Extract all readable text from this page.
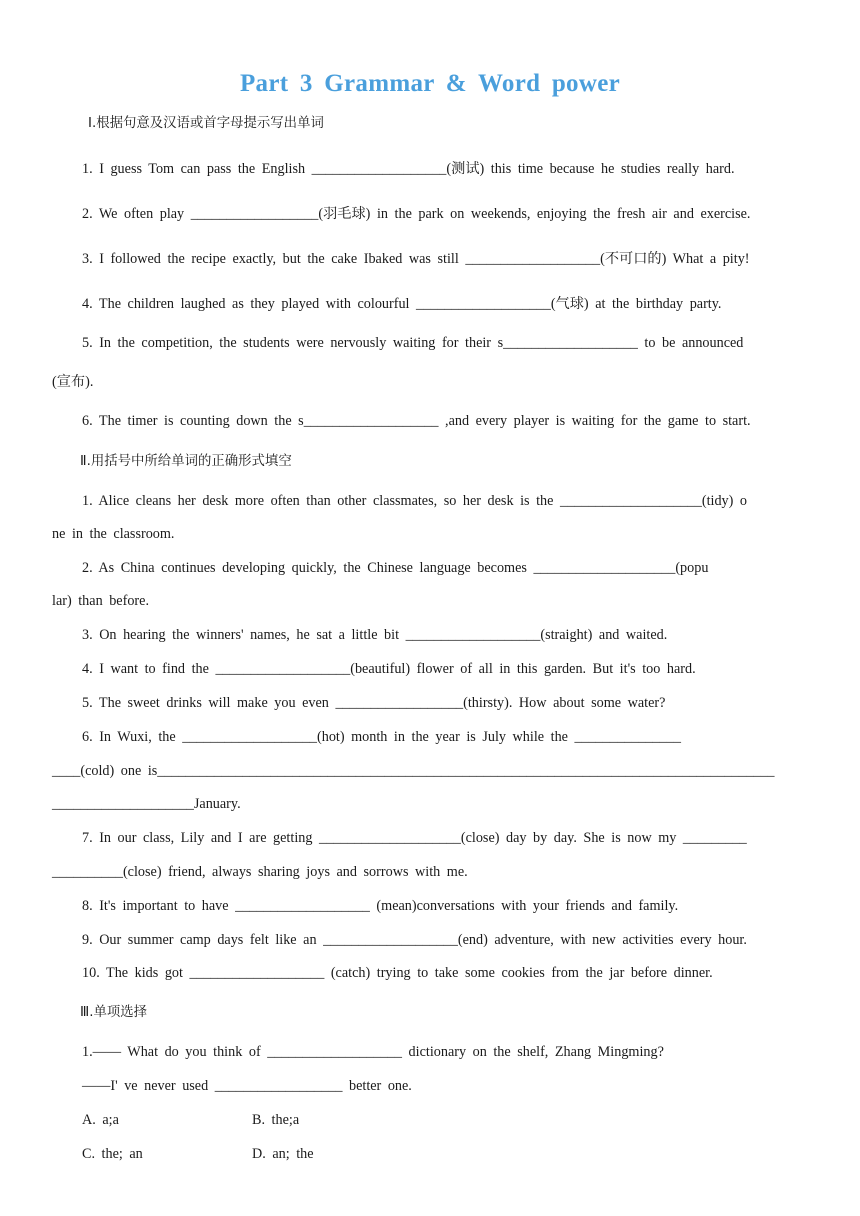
Part 3 Grammar & Word power
Ⅰ.根据句意及汉语或首字母提示写出单词
1. I guess Tom can pass the English ___________________(测试) this time because he studies really hard.
2. We often play __________________(羽毛球) in the park on weekends, enjoying the fresh air and exercise.
3. I followed the recipe exactly, but the cake Ibaked was still ___________________(不可口的) What a pity!
4. The children laughed as they played with colourful ___________________(气球) at the birthday party.
5. In the competition, the students were nervously waiting for their s___________________ to be announced
(宣布).
6. The timer is counting down the s___________________ ,and every player is waiting for the game to start.
Ⅱ.用括号中所给单词的正确形式填空
1. Alice cleans her desk more often than other classmates, so her desk is the ____________________(tidy) o
ne in the classroom.
2. As China continues developing quickly, the Chinese language becomes ____________________(popu
lar) than before.
3. On hearing the winners' names, he sat a little bit ___________________(straight) and waited.
4. I want to find the ___________________(beautiful) flower of all in this garden. But it's too hard.
5. The sweet drinks will make you even __________________(thirsty). How about some water?
6. In Wuxi, the ___________________(hot) month in the year is July while the _______________
____(cold) one is_______________________________________________________________________________________
____________________January.
7. In our class, Lily and I are getting ____________________(close) day by day. She is now my _________
__________(close) friend, always sharing joys and sorrows with me.
8. It's important to have ___________________ (mean)conversations with your friends and family.
9. Our summer camp days felt like an ___________________(end) adventure, with new activities every hour.
10. The kids got ___________________ (catch) trying to take some cookies from the jar before dinner.
Ⅲ.单项选择
1.—— What do you think of ___________________ dictionary on the shelf, Zhang Mingming?
——I' ve never used __________________ better one.
A. a;a	B. the;a
C. the; an	D. an; the
